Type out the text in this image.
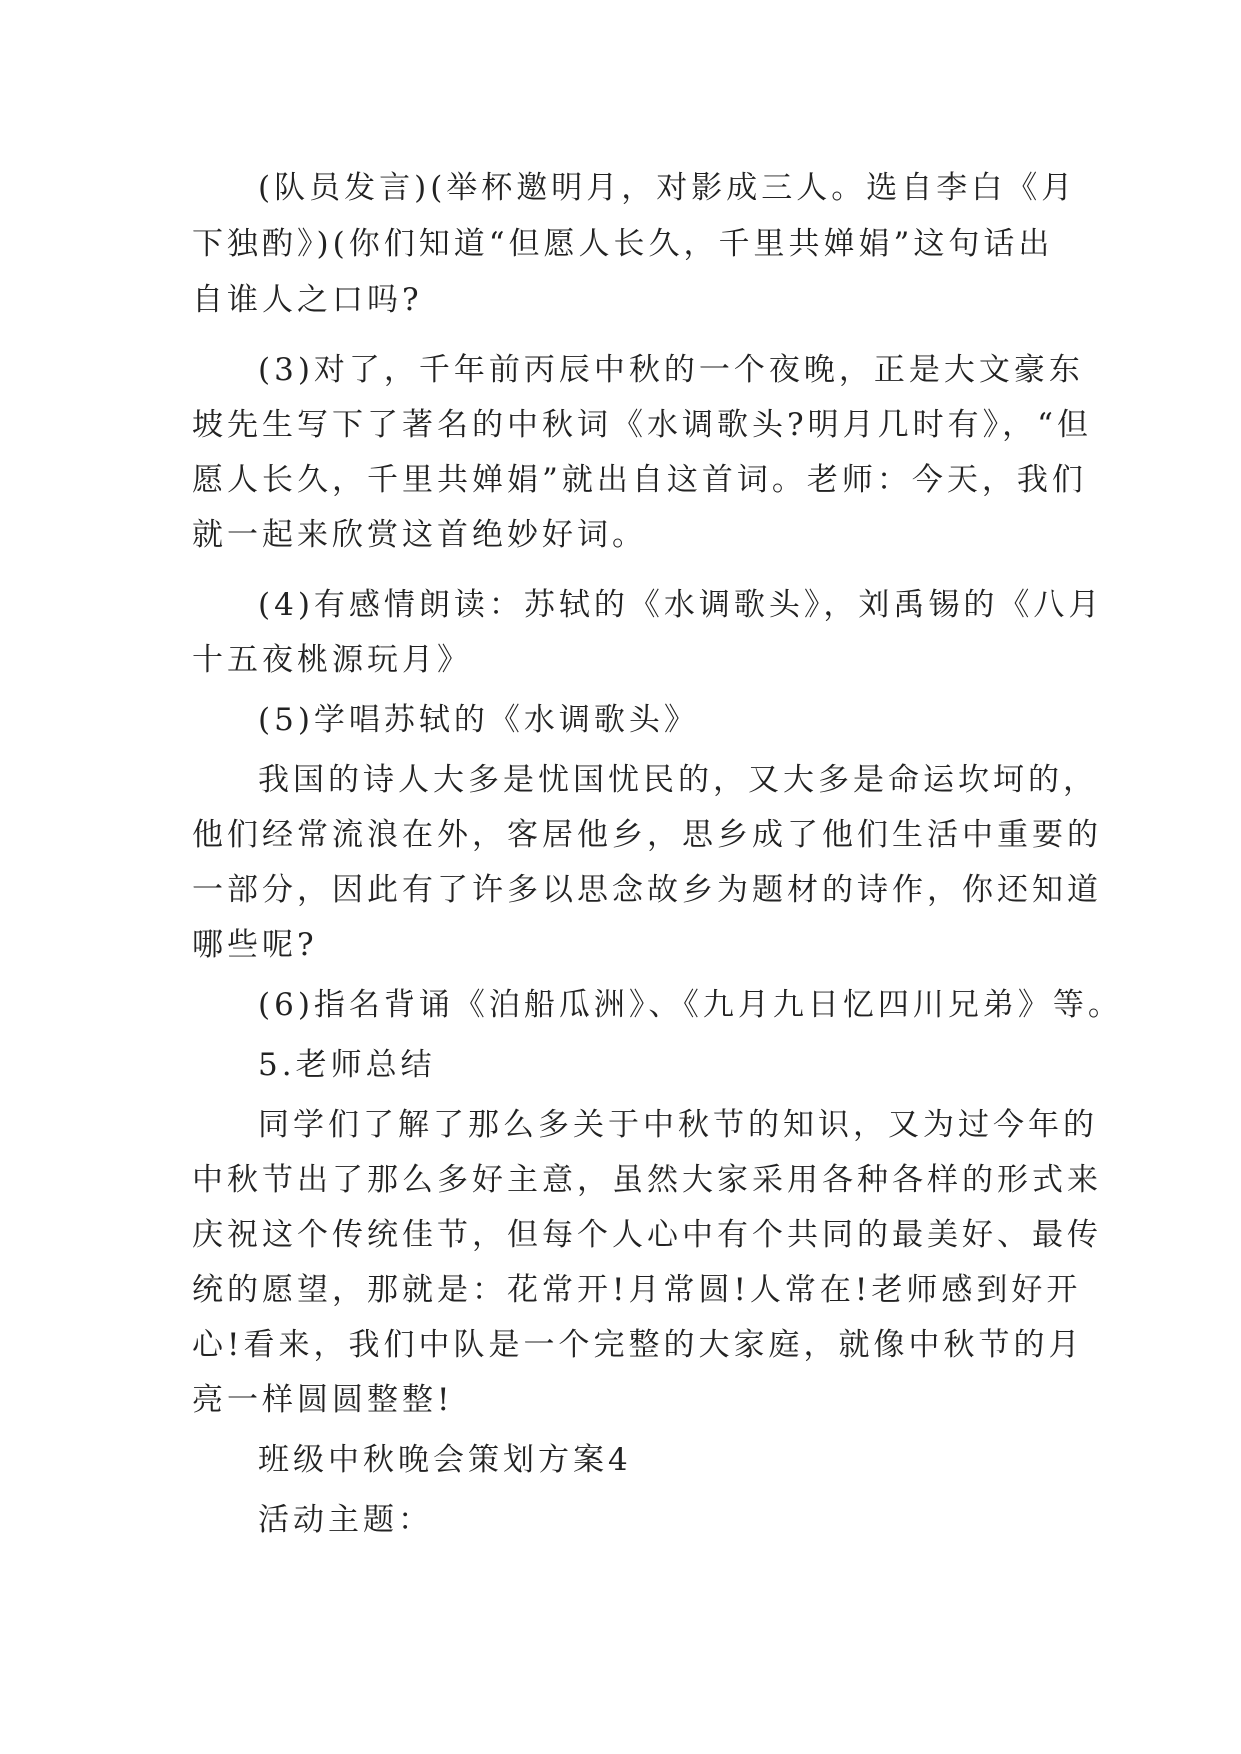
(队员发言)(举杯邀明月，对影成三人。选自李白《月
下独酌》)(你们知道“但愿人长久，千里共婵娟”这句话出
自谁人之口吗?
(3)对了，千年前丙辰中秋的一个夜晚，正是大文豪东
坡先生写下了著名的中秋词《水调歌头?明月几时有》，“但
愿人长久，千里共婵娟”就出自这首词。老师：今天，我们
就一起来欣赏这首绝妙好词。
(4)有感情朗读：苏轼的《水调歌头》，刘禹锡的《八月
十五夜桃源玩月》
(5)学唱苏轼的《水调歌头》
我国的诗人大多是忧国忧民的，又大多是命运坎坷的，
他们经常流浪在外，客居他乡，思乡成了他们生活中重要的
一部分，因此有了许多以思念故乡为题材的诗作，你还知道
哪些呢?
(6)指名背诵《泊船瓜洲》、《九月九日忆四川兄弟》等。
5.老师总结
同学们了解了那么多关于中秋节的知识，又为过今年的
中秋节出了那么多好主意，虽然大家采用各种各样的形式来
庆祝这个传统佳节，但每个人心中有个共同的最美好、最传
统的愿望，那就是：花常开!月常圆!人常在!老师感到好开
心!看来，我们中队是一个完整的大家庭，就像中秋节的月
亮一样圆圆整整!
班级中秋晚会策划方案4
活动主题：
